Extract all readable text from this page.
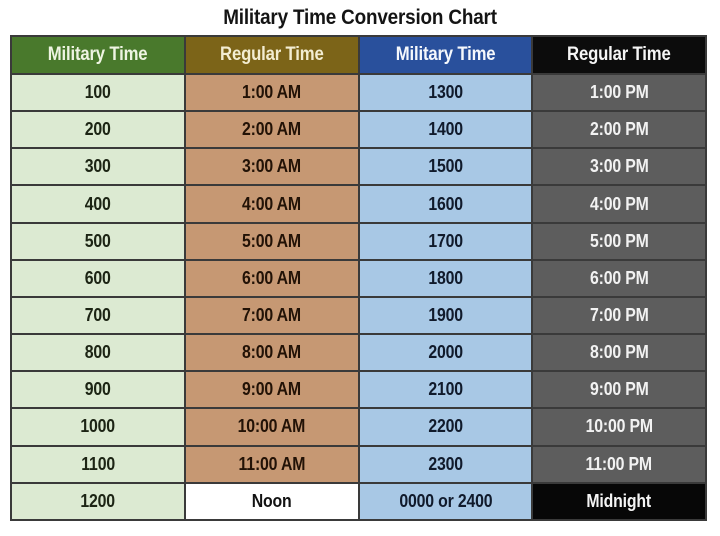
Military Time Conversion Chart
Military Time	Regular Time	Military Time	Regular Time
100	1:00 AM	1300	1:00 PM
200	2:00 AM	1400	2:00 PM
300	3:00 AM	1500	3:00 PM
400	4:00 AM	1600	4:00 PM
500	5:00 AM	1700	5:00 PM
600	6:00 AM	1800	6:00 PM
700	7:00 AM	1900	7:00 PM
800	8:00 AM	2000	8:00 PM
900	9:00 AM	2100	9:00 PM
1000	10:00 AM	2200	10:00 PM
1100	11:00 AM	2300	11:00 PM
1200	Noon	0000 or 2400	Midnight
